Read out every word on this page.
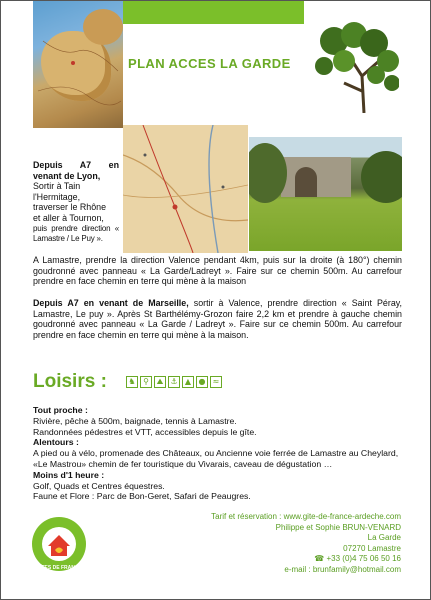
PLAN ACCES LA GARDE
Depuis A7 en venant de Lyon,
Sortir à Tain
l'Hermitage,
traverser le Rhône
et aller à Tournon,
puis prendre direction « Lamastre / Le Puy ».
A Lamastre, prendre la direction Valence pendant 4km, puis sur la droite (à 180°) chemin goudronné avec panneau « La Garde/Ladreyt ». Faire sur ce chemin 500m. Au carrefour prendre en face chemin en terre qui mène à la maison
Depuis A7 en venant de Marseille, sortir à Valence, prendre direction « Saint Péray, Lamastre, Le puy ». Après St Barthélémy-Grozon faire 2,2 km et prendre à gauche chemin goudronné avec panneau « La Garde / Ladreyt ». Faire sur ce chemin 500m. Au carrefour prendre en face chemin en terre qui mène à la maison.
Loisirs :	♞ ⚲ ⛰ ⚓ ▲ ● ≈
Tout proche :
Rivière, pêche à 500m, baignade, tennis à Lamastre.
Randonnées pédestres et VTT, accessibles depuis le gîte.
Alentours :
A pied ou à vélo, promenade des Châteaux, ou Ancienne voie ferrée de Lamastre au Cheylard, «Le Mastrou» chemin de fer touristique du Vivarais, caveau de dégustation …
Moins d'1 heure :
Golf, Quads et Centres équestres.
Faune et Flore : Parc de Bon-Geret, Safari de Peaugres.
GÎTES DE FRANCE
Tarif et réservation : www.gite-de-france-ardeche.com
Philippe et Sophie BRUN-VENARD
La Garde
07270 Lamastre
☎ +33 (0)4 75 06 50 16
e-mail : brunfamily@hotmail.com
